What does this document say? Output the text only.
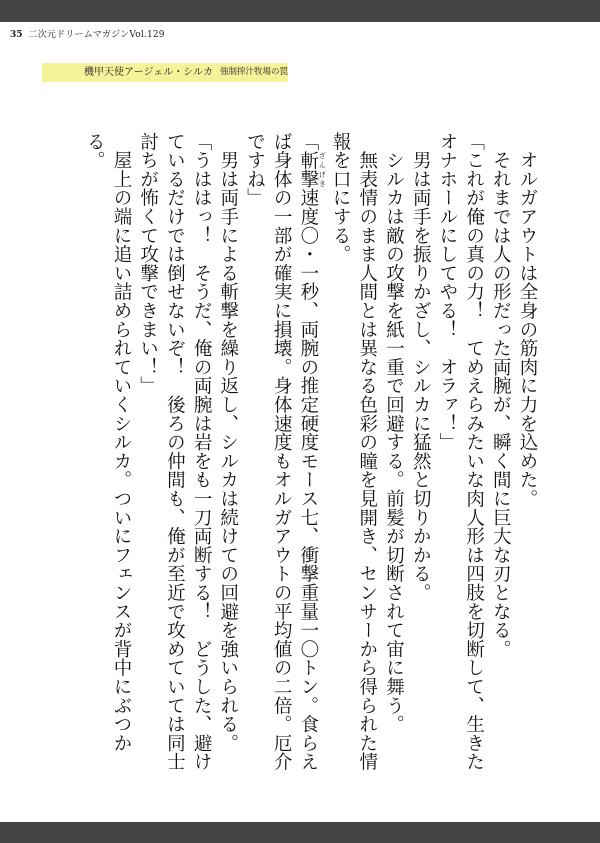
35 二次元ドリームマガジンVol.129
機甲天使アージェル・シルカ 強制搾汁牧場の罠

　オルガアウトは全身の筋肉に力を込めた。

　それまでは人の形だった両腕が、瞬く間に巨大な刃となる。

「これが俺の真の力！　てめえらみたいな肉人形は四肢を切断して、生きたオナホールにしてやる！　オラァ！」

　男は両手を振りかざし、シルカに猛然と切りかかる。

　シルカは敵の攻撃を紙一重で回避する。前髪が切断されて宙に舞う。

　無表情のまま人間とは異なる色彩の瞳を見開き、センサーから得られた情報を口にする。

「斬撃 ざんげき速度〇・一秒、両腕の推定硬度モース七、衝撃重量一〇トン。食らえば身体の一部が確実に損壊。身体速度もオルガアウトの平均値の二倍。厄介ですね」

　男は両手による斬撃を繰り返し、シルカは続けての回避を強いられる。

「うははっ！　そうだ、俺の両腕は岩をも一刀両断する！　どうした、避けているだけでは倒せないぞ！　後ろの仲間も、俺が至近で攻めていては同士討ちが怖くて攻撃できまい！」

　屋上の端に追い詰められていくシルカ。ついにフェンスが背中にぶつかる。
